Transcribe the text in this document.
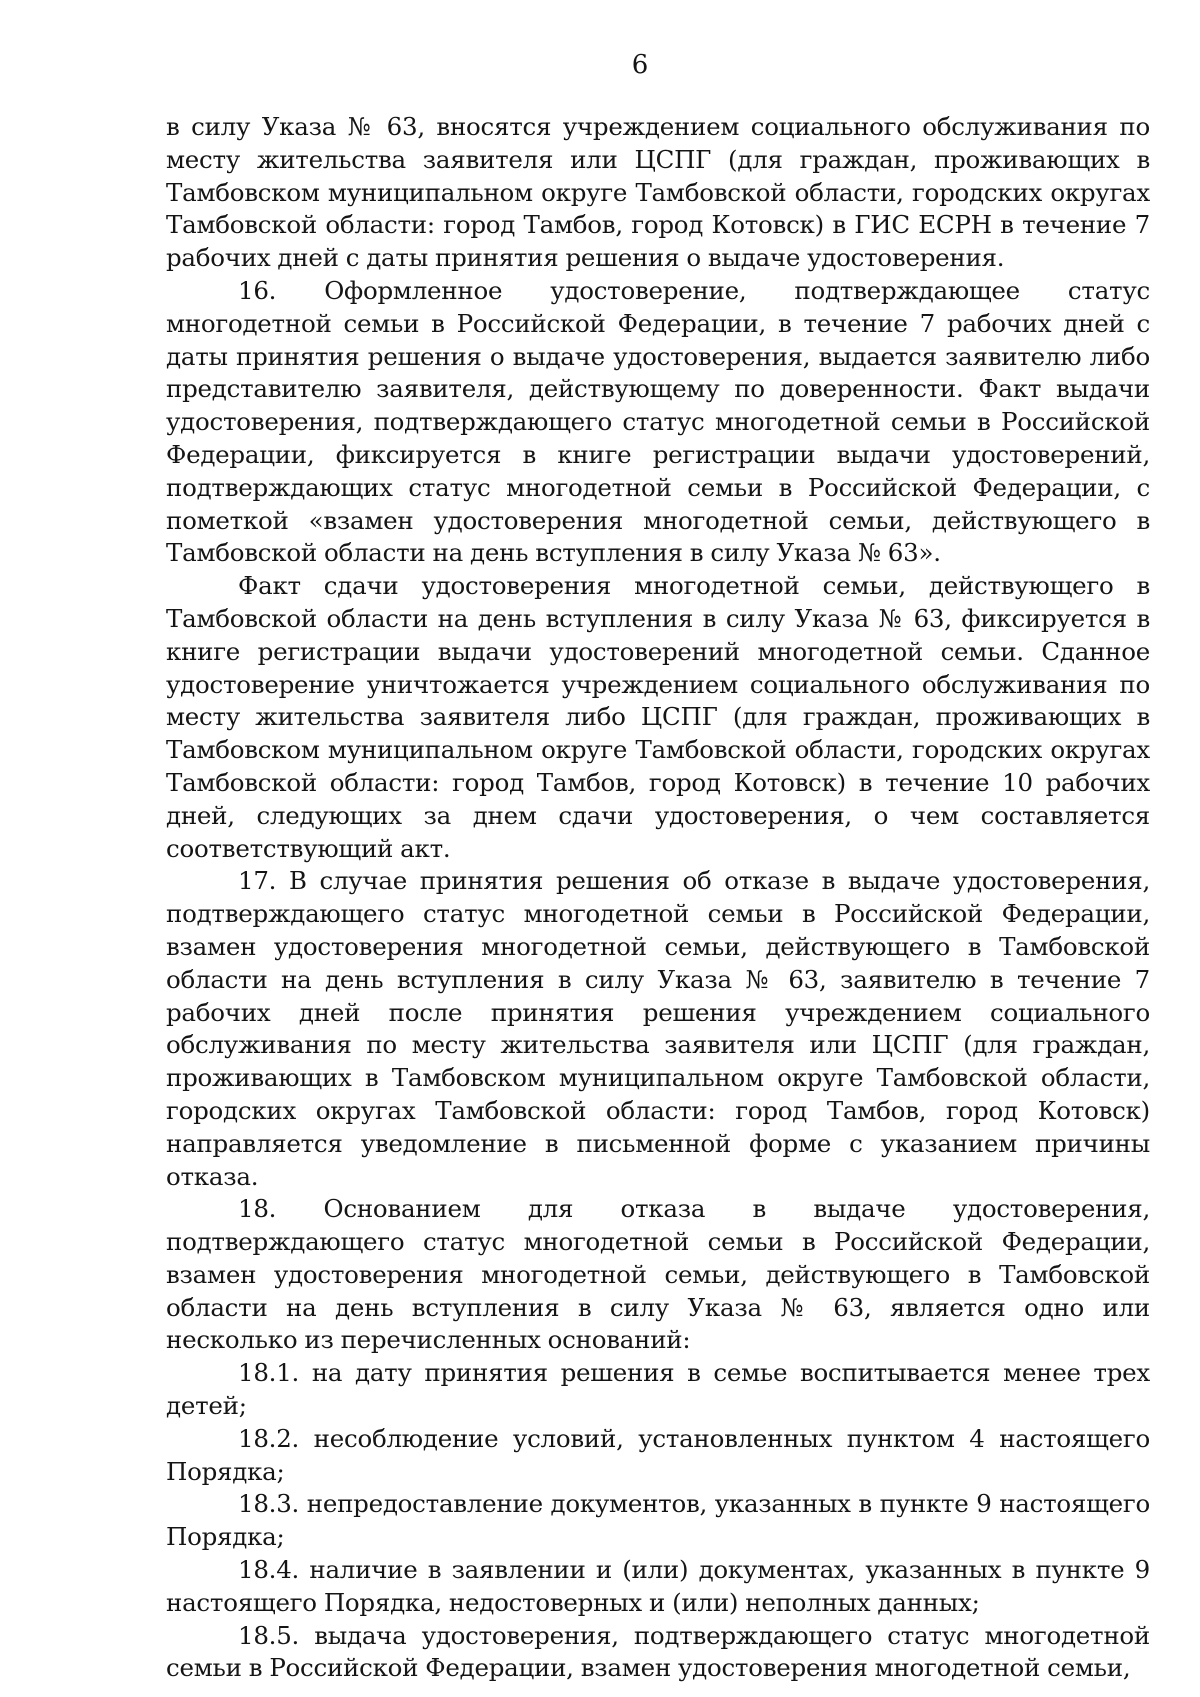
6

в силу Указа № 63, вносятся учреждением социального обслуживания по месту жительства заявителя или ЦСПГ (для граждан, проживающих в Тамбовском муниципальном округе Тамбовской области, городских округах Тамбовской области: город Тамбов, город Котовск) в ГИС ЕСРН в течение 7 рабочих дней с даты принятия решения о выдаче удостоверения.

16. Оформленное удостоверение, подтверждающее статус многодетной семьи в Российской Федерации, в течение 7 рабочих дней с даты принятия решения о выдаче удостоверения, выдается заявителю либо представителю заявителя, действующему по доверенности. Факт выдачи удостоверения, подтверждающего статус многодетной семьи в Российской Федерации, фиксируется в книге регистрации выдачи удостоверений, подтверждающих статус многодетной семьи в Российской Федерации, с пометкой «взамен удостоверения многодетной семьи, действующего в Тамбовской области на день вступления в силу Указа № 63».

Факт сдачи удостоверения многодетной семьи, действующего в Тамбовской области на день вступления в силу Указа № 63, фиксируется в книге регистрации выдачи удостоверений многодетной семьи. Сданное удостоверение уничтожается учреждением социального обслуживания по месту жительства заявителя либо ЦСПГ (для граждан, проживающих в Тамбовском муниципальном округе Тамбовской области, городских округах Тамбовской области: город Тамбов, город Котовск) в течение 10 рабочих дней, следующих за днем сдачи удостоверения, о чем составляется соответствующий акт.

17. В случае принятия решения об отказе в выдаче удостоверения, подтверждающего статус многодетной семьи в Российской Федерации, взамен удостоверения многодетной семьи, действующего в Тамбовской области на день вступления в силу Указа № 63, заявителю в течение 7 рабочих дней после принятия решения учреждением социального обслуживания по месту жительства заявителя или ЦСПГ (для граждан, проживающих в Тамбовском муниципальном округе Тамбовской области, городских округах Тамбовской области: город Тамбов, город Котовск) направляется уведомление в письменной форме с указанием причины отказа.

18. Основанием для отказа в выдаче удостоверения, подтверждающего статус многодетной семьи в Российской Федерации, взамен удостоверения многодетной семьи, действующего в Тамбовской области на день вступления в силу Указа № 63, является одно или несколько из перечисленных оснований:

18.1. на дату принятия решения в семье воспитывается менее трех детей;

18.2. несоблюдение условий, установленных пунктом 4 настоящего Порядка;

18.3. непредоставление документов, указанных в пункте 9 настоящего Порядка;

18.4. наличие в заявлении и (или) документах, указанных в пункте 9 настоящего Порядка, недостоверных и (или) неполных данных;

18.5. выдача удостоверения, подтверждающего статус многодетной семьи в Российской Федерации, взамен удостоверения многодетной семьи,
